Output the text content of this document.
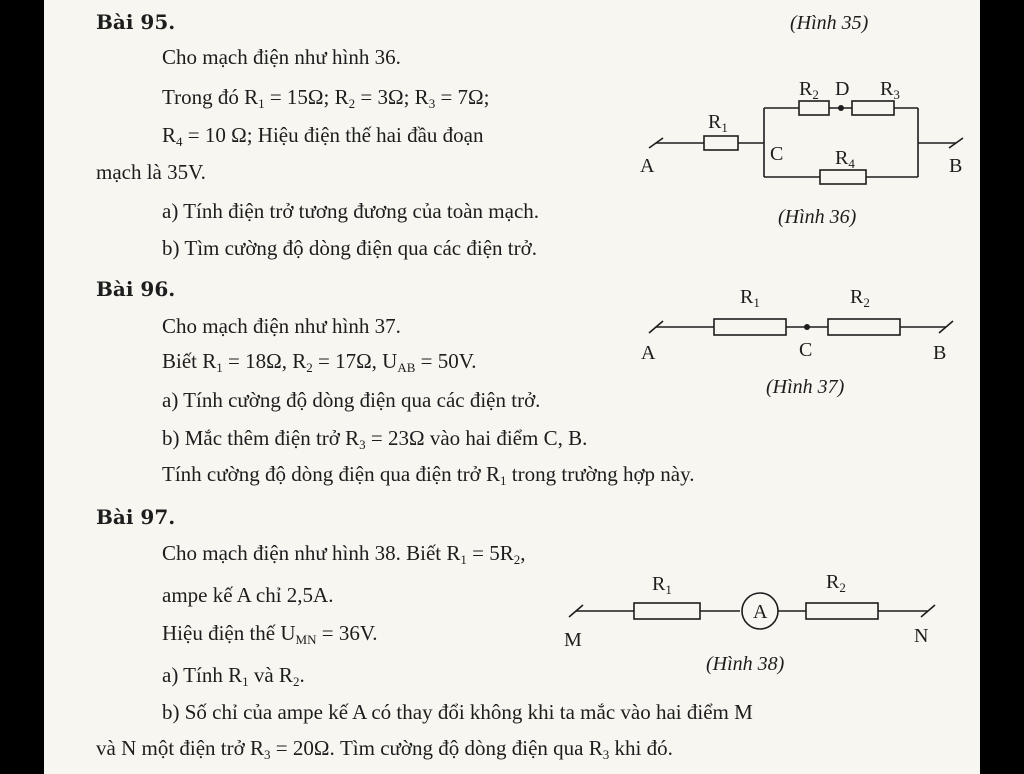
Bài 95.	(Hình 35)
Cho mạch điện như hình 36.
Trong đó $R_1 = 15\Omega$; $R_2 = 3\Omega$; $R_3 = 7\Omega$;
$R_4 = 10$ Ω; Hiệu điện thế hai đầu đoạn
mạch là 35V.
a) Tính điện trở tương đương của toàn mạch.
b) Tìm cường độ dòng điện qua các điện trở.
(Hình 36)
Bài 96.
Cho mạch điện như hình 37.
Biết $R_1 = 18\Omega$, $R_2 = 17\Omega$, $U_{AB} = 50V$.
a) Tính cường độ dòng điện qua các điện trở.
b) Mắc thêm điện trở $R_3 = 23\Omega$ vào hai điểm C, B.
Tính cường độ dòng điện qua điện trở $R_1$ trong trường hợp này.
(Hình 37)
Bài 97.
Cho mạch điện như hình 38. Biết $R_1 = 5R_2$,
ampe kế A chỉ 2,5A.
Hiệu điện thế $U_{MN} = 36V$.
a) Tính $R_1$ và $R_2$.
b) Số chỉ của ampe kế A có thay đổi không khi ta mắc vào hai điểm M
và N một điện trở $R_3 = 20\Omega$. Tìm cường độ dòng điện qua $R_3$ khi đó.
(Hình 38)
A	B
C
D
$R_1$
$R_2$	$R_3$
$R_4$
A	B
C
$R_1$	$R_2$
M	N
A
$R_1$	$R_2$
